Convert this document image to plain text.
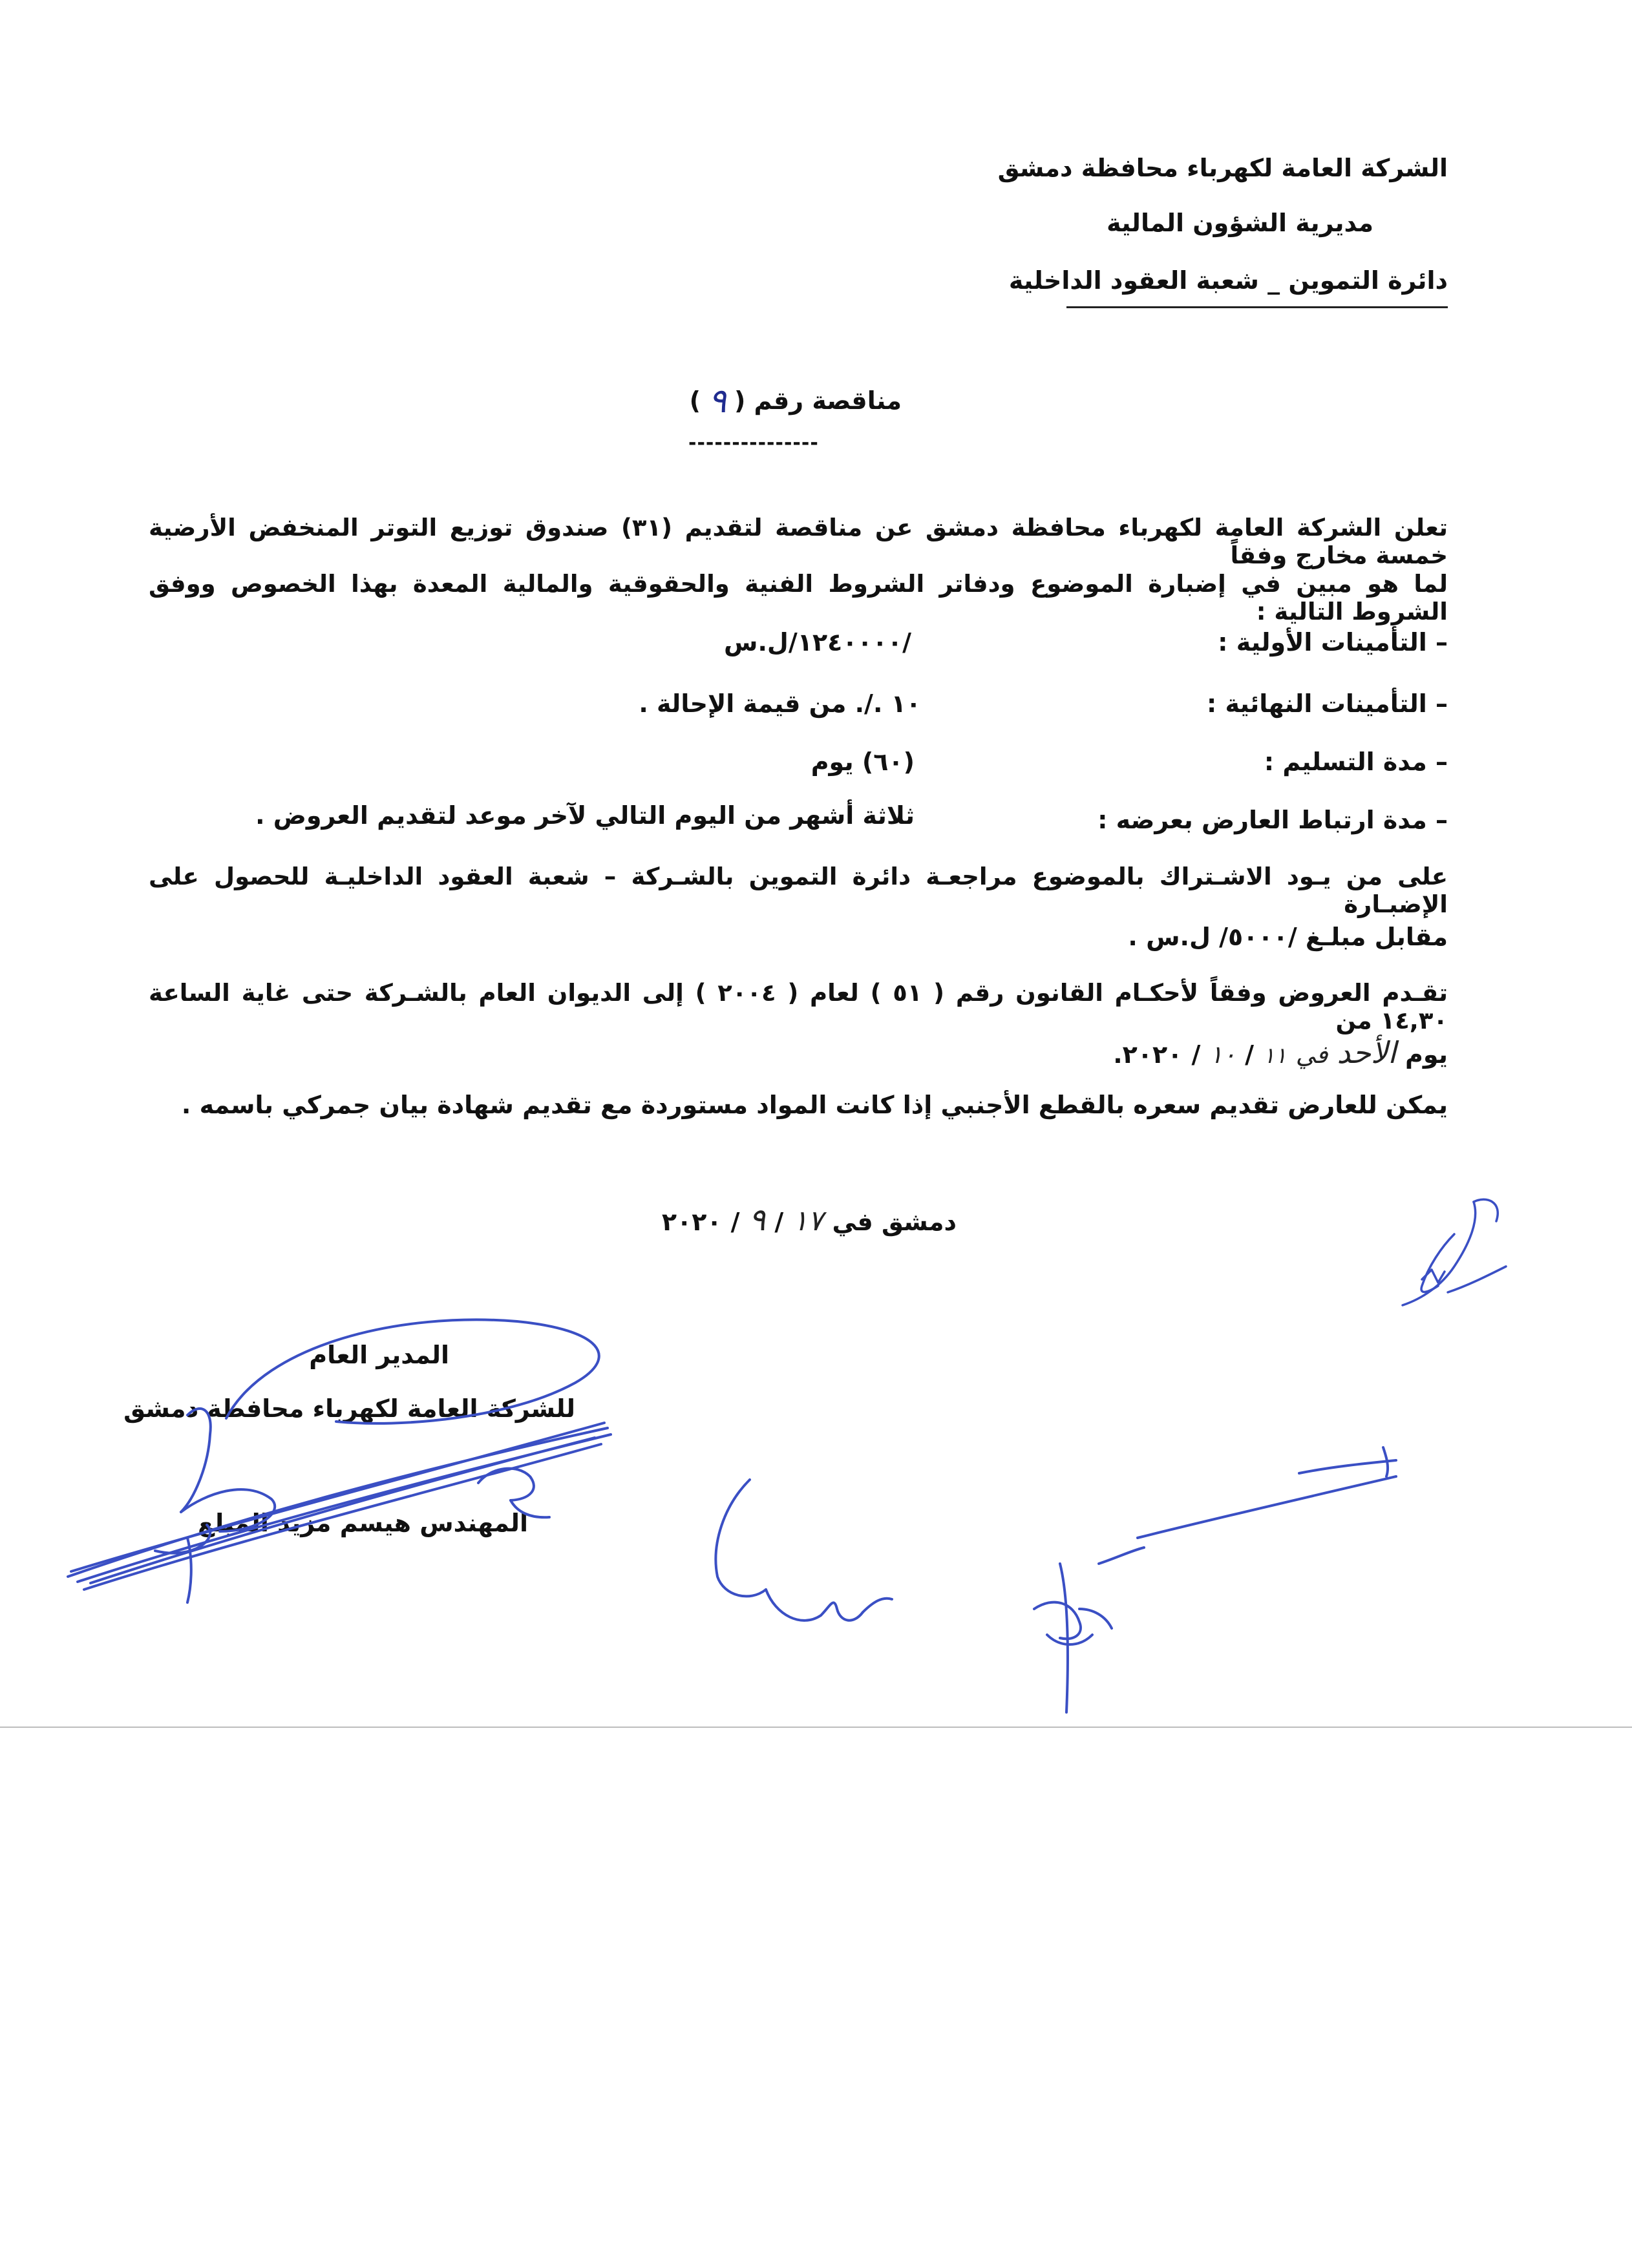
الشركة العامة لكهرباء محافظة دمشق
مديرية الشؤون المالية
دائرة التموين _ شعبة العقود الداخلية
مناقصة رقم (
٩
)
---------------
تعلن الشركة العامة لكهرباء محافظة دمشق عن مناقصة لتقديم (٣١) صندوق توزيع التوتر المنخفض الأرضية خمسة مخارج وفقاً
لما هو مبين في إضبارة الموضوع ودفاتر الشروط الفنية والحقوقية والمالية المعدة بهذا الخصوص ووفق الشروط التالية :
– التأمينات الأولية :
/١٢٤٠٠٠٠/ل.س
– التأمينات النهائية :
١٠ ./. من قيمة الإحالة .
– مدة التسليم :
(٦٠) يوم
– مدة ارتباط العارض بعرضه :
ثلاثة أشهر من اليوم التالي لآخر موعد لتقديم العروض .
على من يـود الاشـتراك بالموضوع مراجعـة دائرة التموين بالشـركة – شعبة العقود الداخليـة للحصول على الإضبـارة
مقابل مبلـغ /٥٠٠٠/ ل.س .
تقـدم العروض وفقاً لأحكـام القانون رقم ( ٥١ ) لعام ( ٢٠٠٤ ) إلى الديوان العام بالشـركة حتى غاية الساعة ١٤,٣٠ من
يوم
الأحد
في
١١
/
١٠
/
٢٠٢٠.
يمكن للعارض تقديم سعره بالقطع الأجنبي إذا كانت المواد مستوردة مع تقديم شهادة بيان جمركي باسمه .
دمشق في
١٧
/
٩
/
٢٠٢٠
المدير العام
للشركة العامة لكهرباء محافظة دمشق
المهندس هيسم مزيد الميلع
